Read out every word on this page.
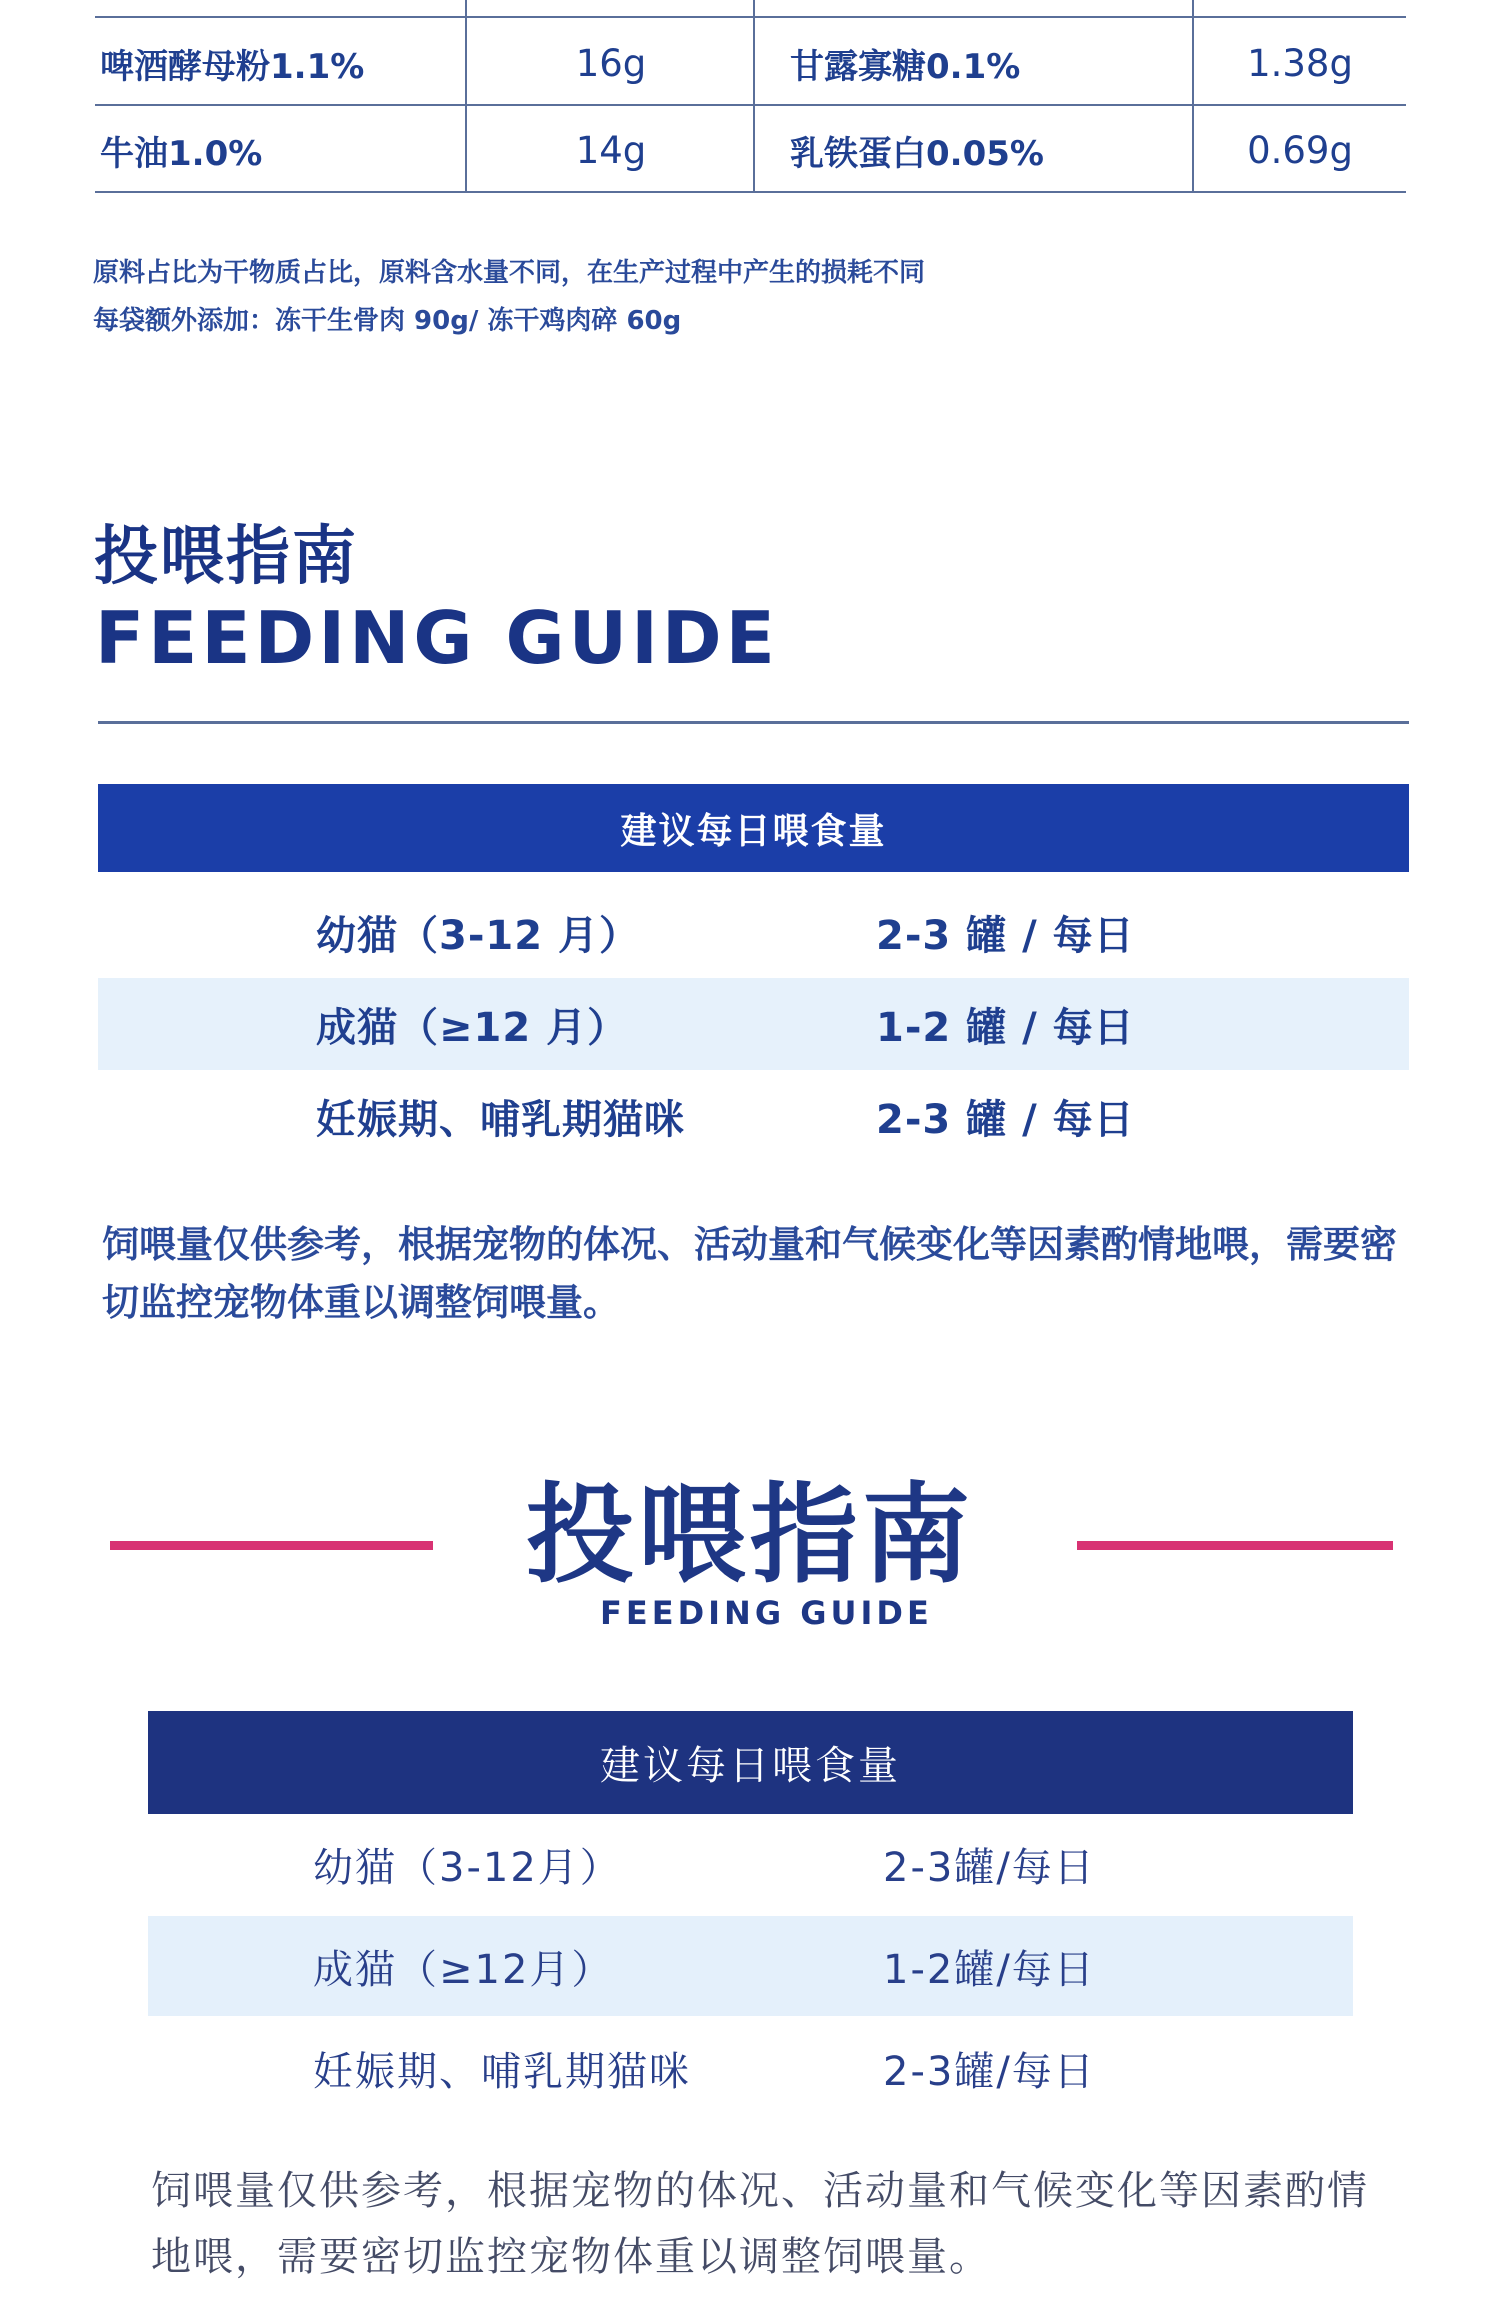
啤酒酵母粉1.1%	16g	甘露寡糖0.1%	1.38g
牛油1.0%	14g	乳铁蛋白0.05%	0.69g
原料占比为干物质占比，原料含水量不同，在生产过程中产生的损耗不同
每袋额外添加：冻干生骨肉 90g/ 冻干鸡肉碎 60g
投喂指南
FEEDING GUIDE
建议每日喂食量
幼猫（3-12 月）	2-3 罐 / 每日
成猫（≥12 月）	1-2 罐 / 每日
妊娠期、哺乳期猫咪	2-3 罐 / 每日
饲喂量仅供参考，根据宠物的体况、活动量和气候变化等因素酌情地喂，需要密切监控宠物体重以调整饲喂量。
投喂指南
FEEDING GUIDE
建议每日喂食量
幼猫（3-12月）	2-3罐/每日
成猫（≥12月）	1-2罐/每日
妊娠期、哺乳期猫咪	2-3罐/每日
饲喂量仅供参考，根据宠物的体况、活动量和气候变化等因素酌情地喂，需要密切监控宠物体重以调整饲喂量。
